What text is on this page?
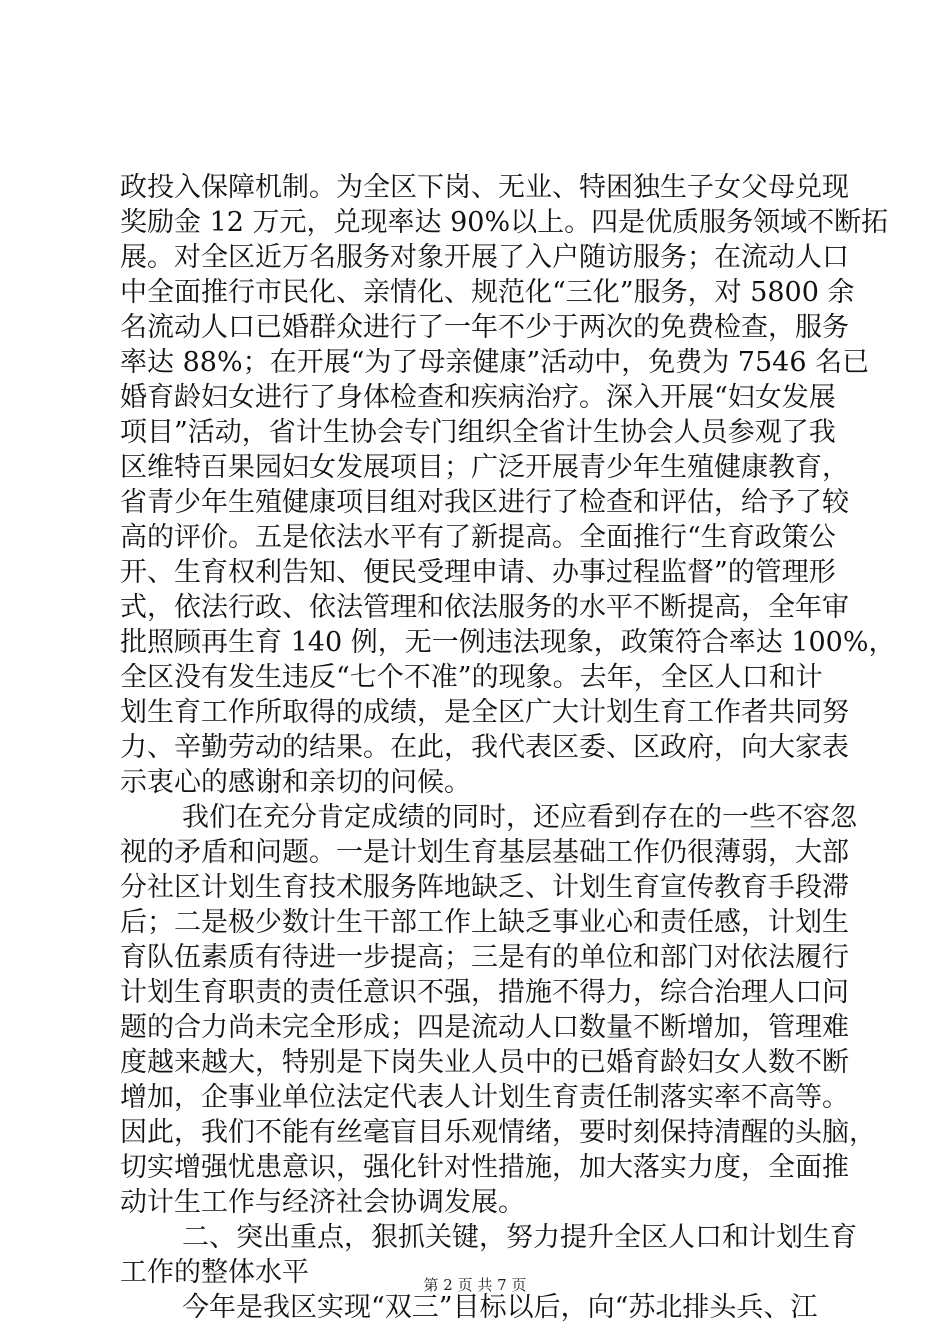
政投入保障机制。为全区下岗、无业、特困独生子女父母兑现
奖励金 12 万元，兑现率达 90%以上。四是优质服务领域不断拓
展。对全区近万名服务对象开展了入户随访服务；在流动人口
中全面推行市民化、亲情化、规范化“三化”服务，对 5800 余
名流动人口已婚群众进行了一年不少于两次的免费检查，服务
率达 88%；在开展“为了母亲健康”活动中，免费为 7546 名已
婚育龄妇女进行了身体检查和疾病治疗。深入开展“妇女发展
项目”活动，省计生协会专门组织全省计生协会人员参观了我
区维特百果园妇女发展项目；广泛开展青少年生殖健康教育，
省青少年生殖健康项目组对我区进行了检查和评估，给予了较
高的评价。五是依法水平有了新提高。全面推行“生育政策公
开、生育权利告知、便民受理申请、办事过程监督”的管理形
式，依法行政、依法管理和依法服务的水平不断提高，全年审
批照顾再生育 140 例，无一例违法现象，政策符合率达 100%，
全区没有发生违反“七个不准”的现象。去年，全区人口和计
划生育工作所取得的成绩，是全区广大计划生育工作者共同努
力、辛勤劳动的结果。在此，我代表区委、区政府，向大家表
示衷心的感谢和亲切的问候。
我们在充分肯定成绩的同时，还应看到存在的一些不容忽
视的矛盾和问题。一是计划生育基层基础工作仍很薄弱，大部
分社区计划生育技术服务阵地缺乏、计划生育宣传教育手段滞
后；二是极少数计生干部工作上缺乏事业心和责任感，计划生
育队伍素质有待进一步提高；三是有的单位和部门对依法履行
计划生育职责的责任意识不强，措施不得力，综合治理人口问
题的合力尚未完全形成；四是流动人口数量不断增加，管理难
度越来越大，特别是下岗失业人员中的已婚育龄妇女人数不断
增加，企事业单位法定代表人计划生育责任制落实率不高等。
因此，我们不能有丝毫盲目乐观情绪，要时刻保持清醒的头脑，
切实增强忧患意识，强化针对性措施，加大落实力度，全面推
动计生工作与经济社会协调发展。
二、突出重点，狠抓关键，努力提升全区人口和计划生育
工作的整体水平
今年是我区实现“双三”目标以后，向“苏北排头兵、江
第 2 页 共 7 页
